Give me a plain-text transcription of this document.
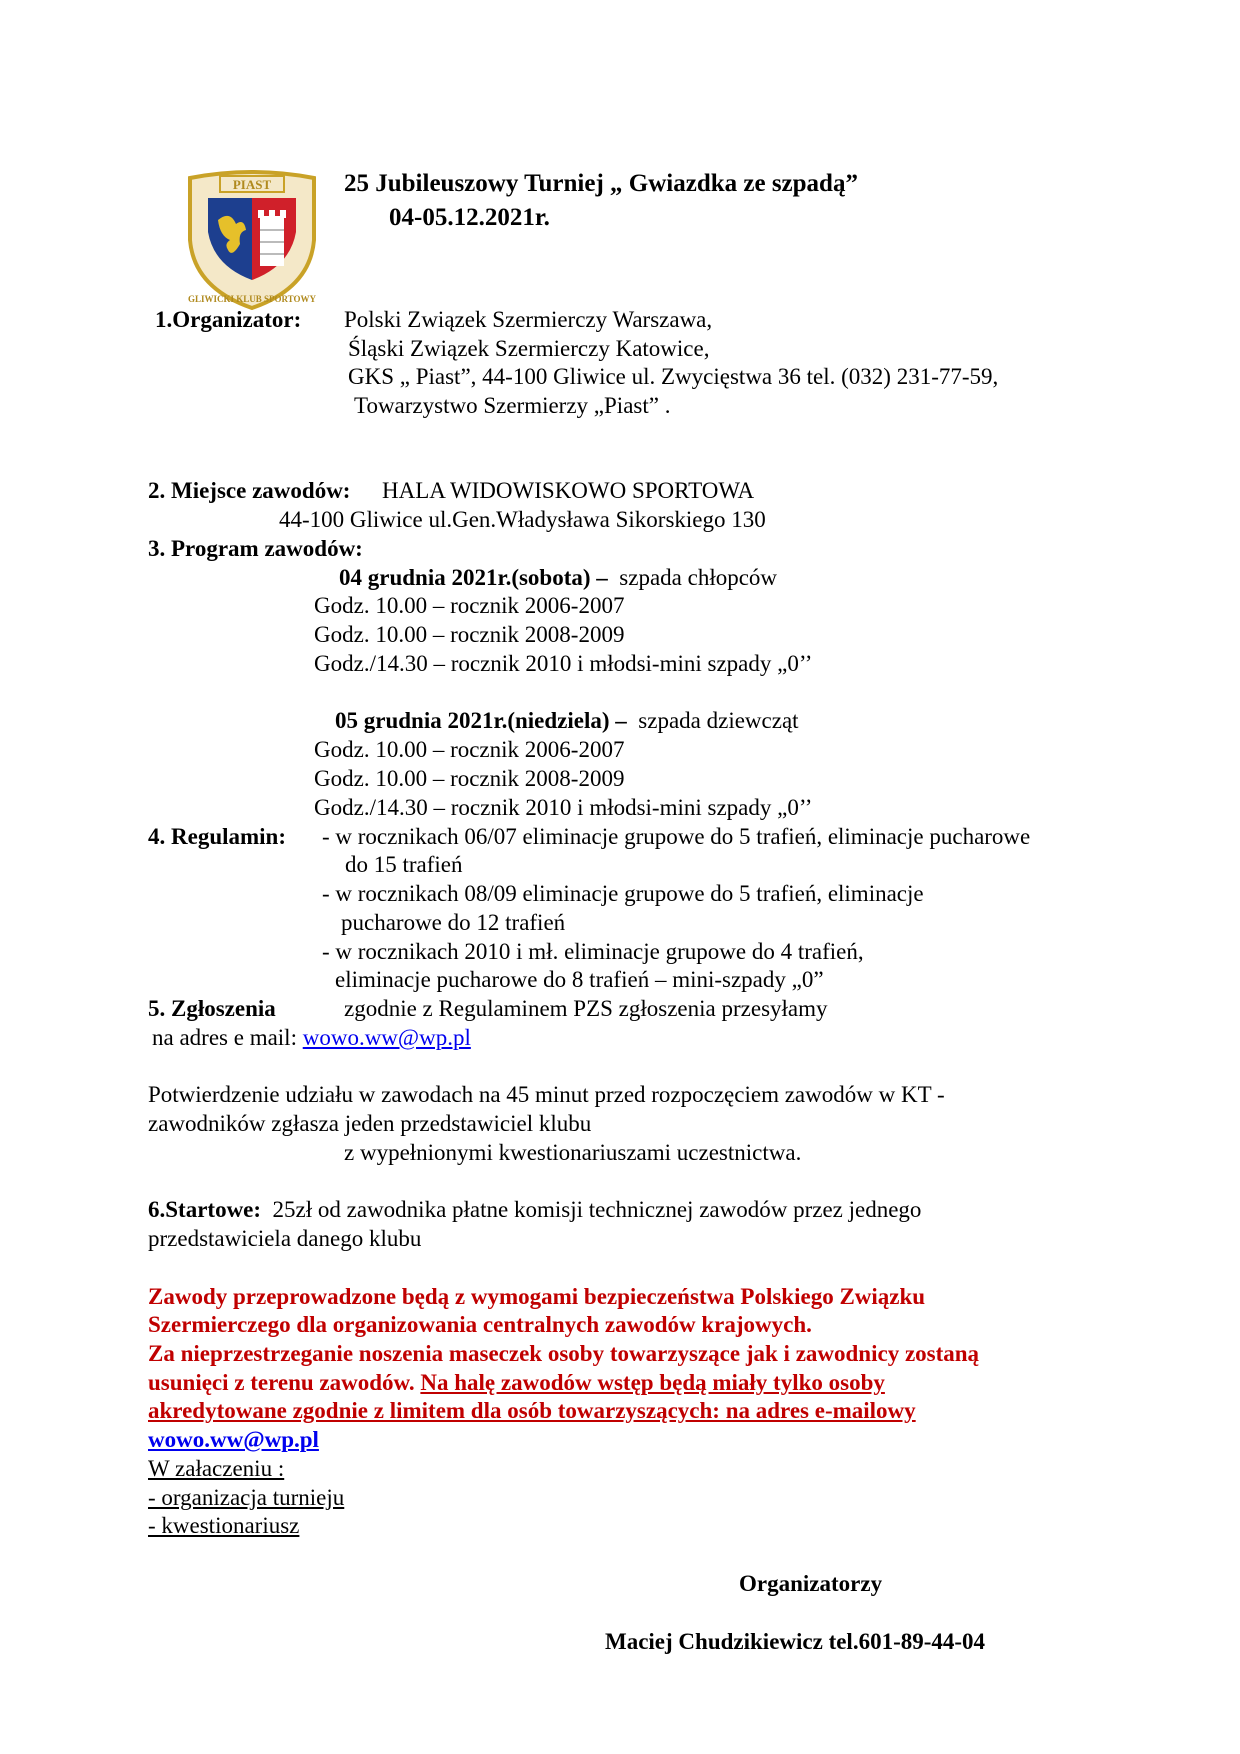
GLIWICKI KLUB SPORTOWY
PIAST	25 Jubileuszowy Turniej „ Gwiazdka ze szpadą”
04-05.12.2021r.
1.Organizator: Polski Związek Szermierczy Warszawa,
Śląski Związek Szermierczy Katowice,
GKS „ Piast”, 44-100 Gliwice ul. Zwycięstwa 36 tel. (032) 231-77-59,
Towarzystwo Szermierzy „Piast” .
2. Miejsce zawodów: HALA WIDOWISKOWO SPORTOWA
44-100 Gliwice ul.Gen.Władysława Sikorskiego 130
3. Program zawodów:
04 grudnia 2021r.(sobota) – szpada chłopców
Godz. 10.00 – rocznik 2006-2007
Godz. 10.00 – rocznik 2008-2009
Godz./14.30 – rocznik 2010 i młodsi-mini szpady „0’’
05 grudnia 2021r.(niedziela) – szpada dziewcząt
Godz. 10.00 – rocznik 2006-2007
Godz. 10.00 – rocznik 2008-2009
Godz./14.30 – rocznik 2010 i młodsi-mini szpady „0’’
4. Regulamin: - w rocznikach 06/07 eliminacje grupowe do 5 trafień, eliminacje pucharowe
do 15 trafień
- w rocznikach 08/09 eliminacje grupowe do 5 trafień, eliminacje
pucharowe do 12 trafień
- w rocznikach 2010 i mł. eliminacje grupowe do 4 trafień,
eliminacje pucharowe do 8 trafień – mini-szpady „0”
5. Zgłoszenia	zgodnie z Regulaminem PZS zgłoszenia przesyłamy
na adres e mail: wowo.ww@wp.pl
Potwierdzenie udziału w zawodach na 45 minut przed rozpoczęciem zawodów w KT -
zawodników zgłasza jeden przedstawiciel klubu
z wypełnionymi kwestionariuszami uczestnictwa.
6.Startowe: 25zł od zawodnika płatne komisji technicznej zawodów przez jednego
przedstawiciela danego klubu
Zawody przeprowadzone będą z wymogami bezpieczeństwa Polskiego Związku
Szermierczego dla organizowania centralnych zawodów krajowych.
Za nieprzestrzeganie noszenia maseczek osoby towarzyszące jak i zawodnicy zostaną
usunięci z terenu zawodów. Na halę zawodów wstęp będą miały tylko osoby
akredytowane zgodnie z limitem dla osób towarzyszących: na adres e-mailowy
wowo.ww@wp.pl
W załaczeniu :
- organizacja turnieju
- kwestionariusz
Organizatorzy
Maciej Chudzikiewicz tel.601-89-44-04
